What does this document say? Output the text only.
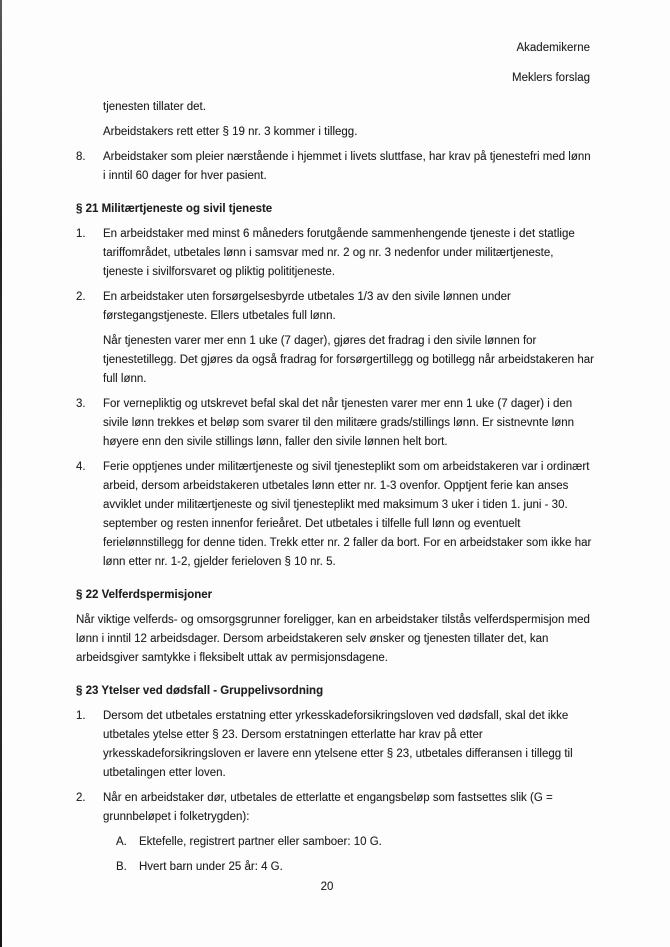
Akademikerne
Meklers forslag
tjenesten tillater det.
Arbeidstakers rett etter § 19 nr. 3 kommer i tillegg.
8.	Arbeidstaker som pleier nærstående i hjemmet i livets sluttfase, har krav på tjenestefri med lønn i inntil 60 dager for hver pasient.
§ 21 Militærtjeneste og sivil tjeneste
1.	En arbeidstaker med minst 6 måneders forutgående sammenhengende tjeneste i det statlige tariffområdet, utbetales lønn i samsvar med nr. 2 og nr. 3 nedenfor under militærtjeneste, tjeneste i sivilforsvaret og pliktig polititjeneste.
2.	En arbeidstaker uten forsørgelsesbyrde utbetales 1/3 av den sivile lønnen under førstegangstjeneste. Ellers utbetales full lønn.
Når tjenesten varer mer enn 1 uke (7 dager), gjøres det fradrag i den sivile lønnen for tjenestetillegg. Det gjøres da også fradrag for forsørgertillegg og botillegg når arbeidstakeren har full lønn.
3.	For vernepliktig og utskrevet befal skal det når tjenesten varer mer enn 1 uke (7 dager) i den sivile lønn trekkes et beløp som svarer til den militære grads/stillings lønn. Er sistnevnte lønn høyere enn den sivile stillings lønn, faller den sivile lønnen helt bort.
4.	Ferie opptjenes under militærtjeneste og sivil tjenesteplikt som om arbeidstakeren var i ordinært arbeid, dersom arbeidstakeren utbetales lønn etter nr. 1-3 ovenfor. Opptjent ferie kan anses avviklet under militærtjeneste og sivil tjenesteplikt med maksimum 3 uker i tiden 1. juni - 30. september og resten innenfor ferieåret. Det utbetales i tilfelle full lønn og eventuelt ferielønnstillegg for denne tiden. Trekk etter nr. 2 faller da bort. For en arbeidstaker som ikke har lønn etter nr. 1-2, gjelder ferieloven § 10 nr. 5.
§ 22 Velferdspermisjoner
Når viktige velferds- og omsorgsgrunner foreligger, kan en arbeidstaker tilstås velferdspermisjon med lønn i inntil 12 arbeidsdager. Dersom arbeidstakeren selv ønsker og tjenesten tillater det, kan arbeidsgiver samtykke i fleksibelt uttak av permisjonsdagene.
§ 23 Ytelser ved dødsfall - Gruppelivsordning
1.	Dersom det utbetales erstatning etter yrkesskadeforsikringsloven ved dødsfall, skal det ikke utbetales ytelse etter § 23. Dersom erstatningen etterlatte har krav på etter yrkesskadeforsikringsloven er lavere enn ytelsene etter § 23, utbetales differansen i tillegg til utbetalingen etter loven.
2.	Når en arbeidstaker dør, utbetales de etterlatte et engangsbeløp som fastsettes slik (G = grunnbeløpet i folketrygden):
A.	Ektefelle, registrert partner eller samboer: 10 G.
B.	Hvert barn under 25 år: 4 G.
20
